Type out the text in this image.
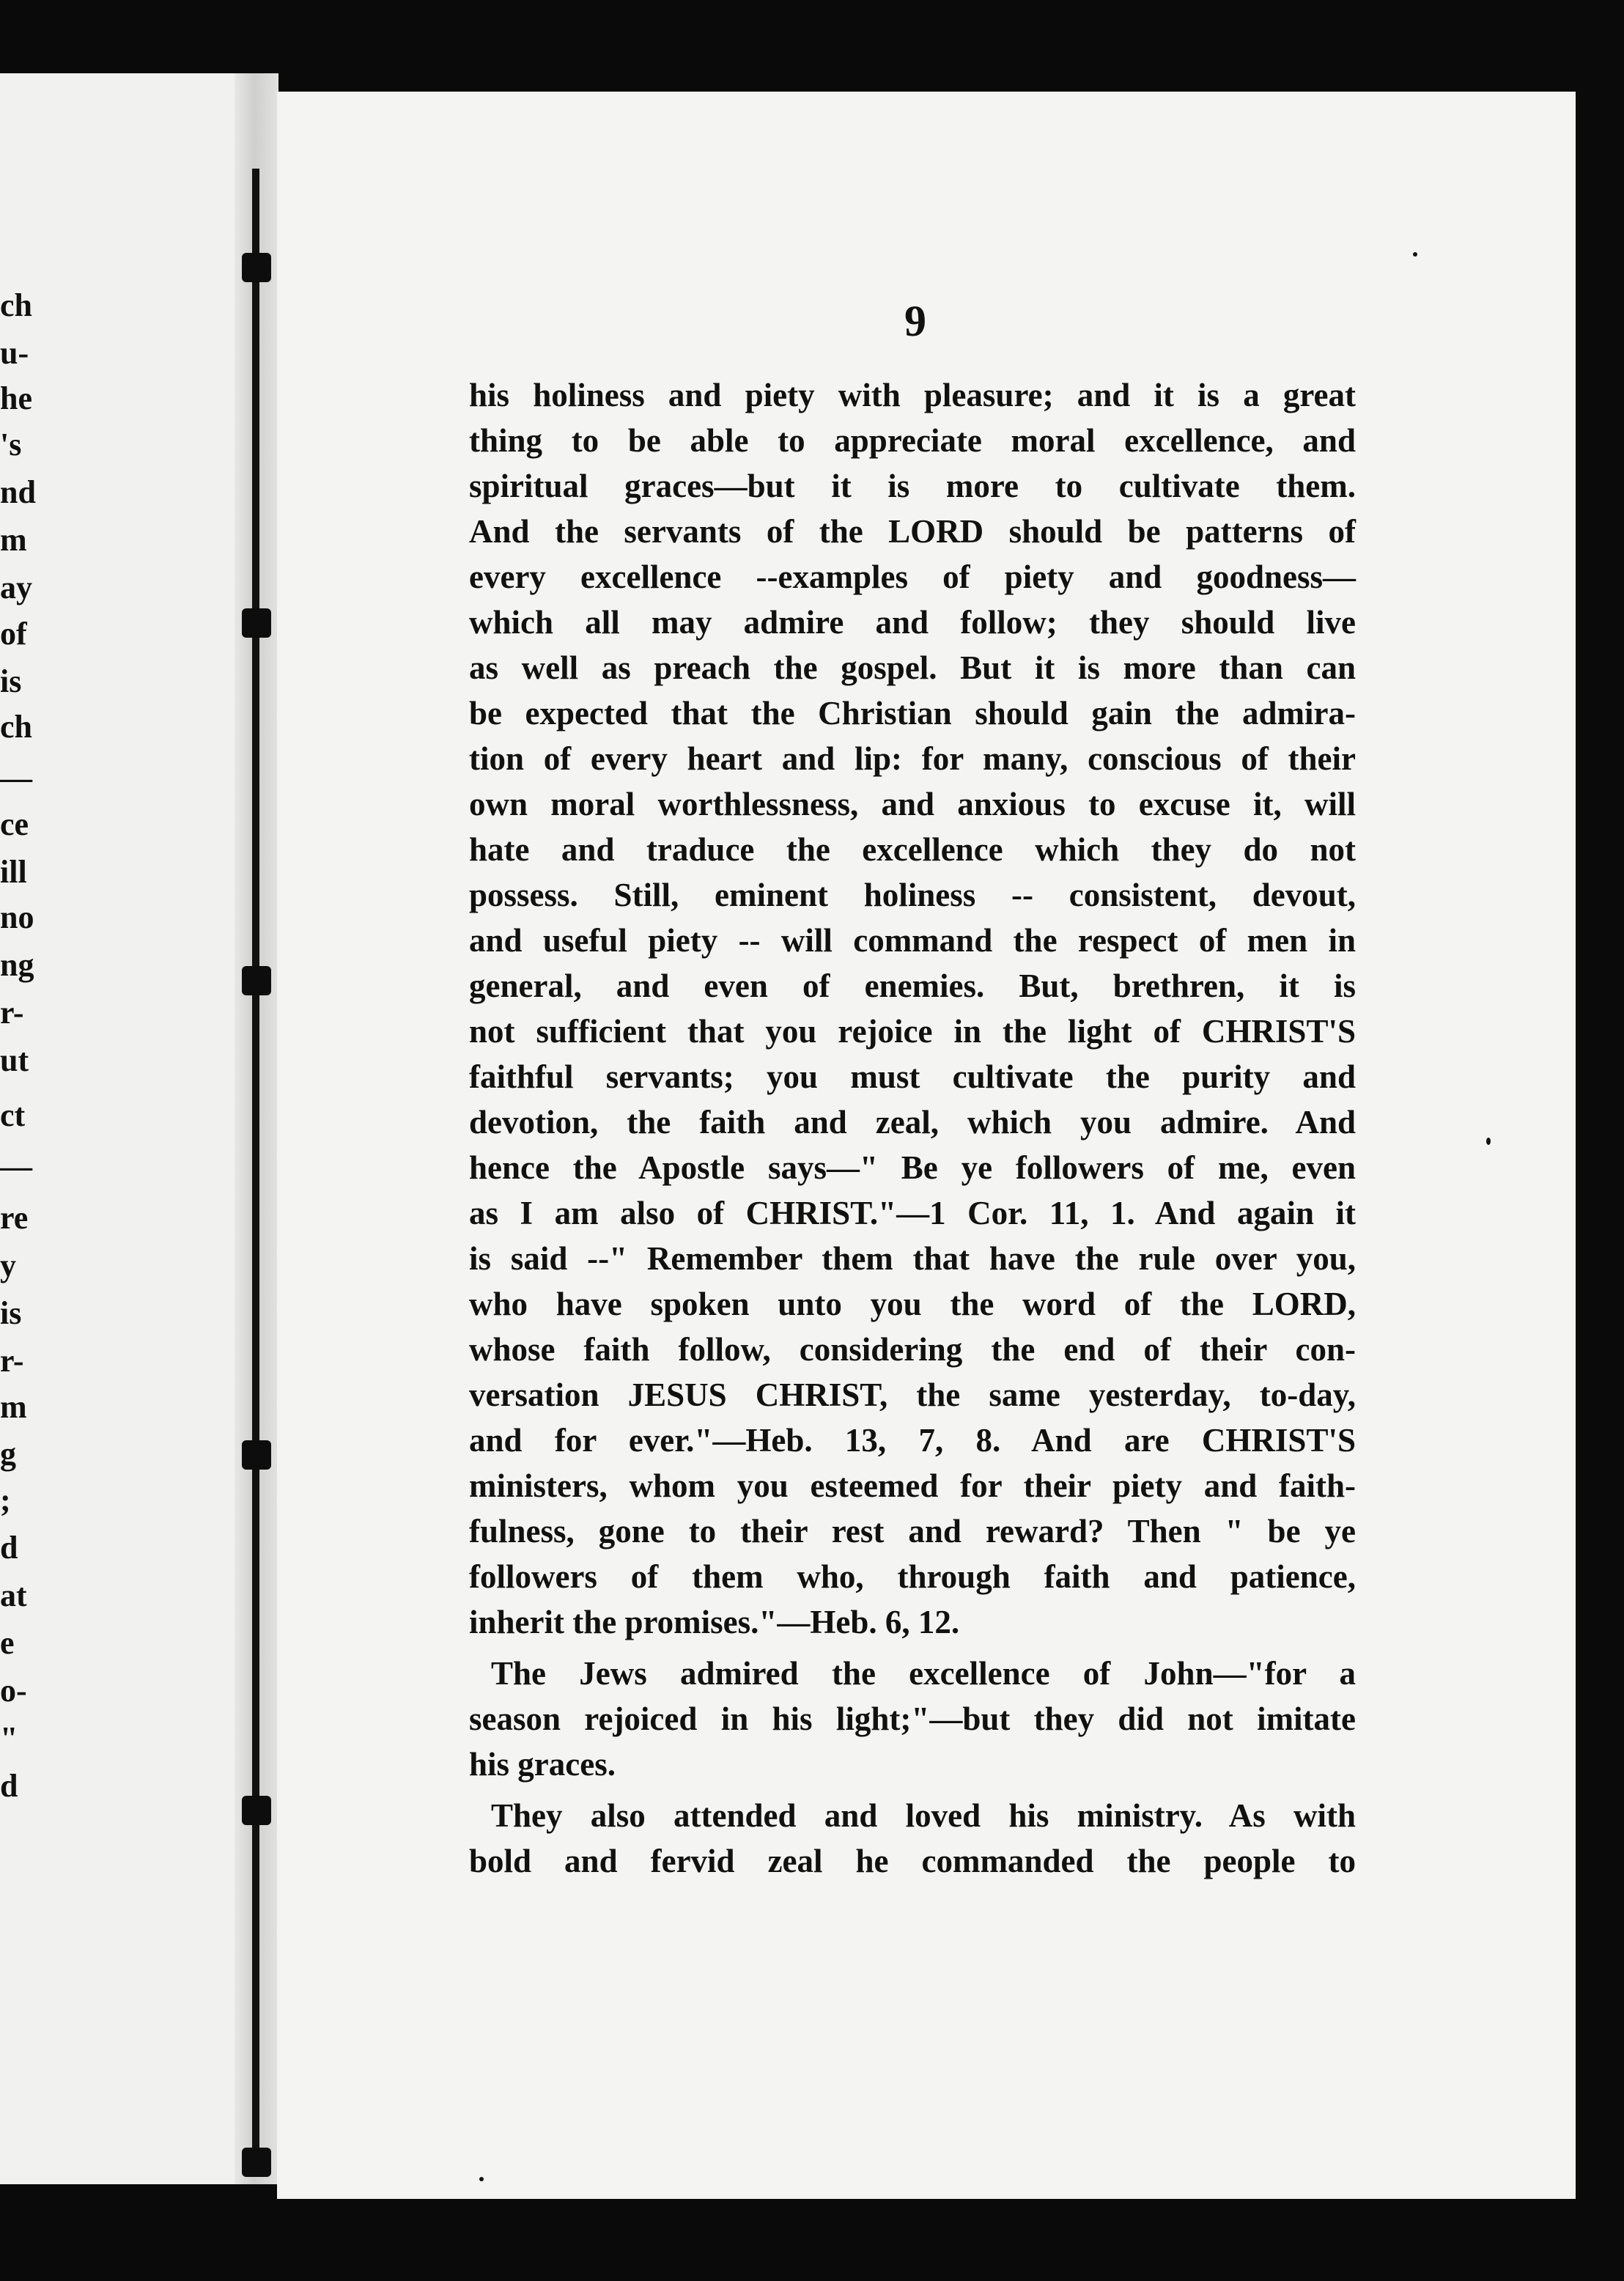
ch
u-
he
's
nd
m
ay
of
is
ch
—
ce
ill
no
ng
r-
ut
ct
—
re
y
is
r-
m
g
;
d
at
e
o-
"
d
9
his holiness and piety with pleasure; and it is a great
thing to be able to appreciate moral excellence, and
spiritual graces—but it is more to cultivate them.
And the servants of the LORD should be patterns of
every excellence --examples of piety and goodness—
which all may admire and follow; they should live
as well as preach the gospel. But it is more than can
be expected that the Christian should gain the admira-
tion of every heart and lip: for many, conscious of their
own moral worthlessness, and anxious to excuse it, will
hate and traduce the excellence which they do not
possess. Still, eminent holiness -- consistent, devout,
and useful piety -- will command the respect of men in
general, and even of enemies. But, brethren, it is
not sufficient that you rejoice in the light of CHRIST'S
faithful servants; you must cultivate the purity and
devotion, the faith and zeal, which you admire. And
hence the Apostle says—" Be ye followers of me, even
as I am also of CHRIST."—1 Cor. 11, 1. And again it
is said --" Remember them that have the rule over you,
who have spoken unto you the word of the LORD,
whose faith follow, considering the end of their con-
versation JESUS CHRIST, the same yesterday, to-day,
and for ever."—Heb. 13, 7, 8. And are CHRIST'S
ministers, whom you esteemed for their piety and faith-
fulness, gone to their rest and reward? Then " be ye
followers of them who, through faith and patience,
inherit the promises."—Heb. 6, 12.
The Jews admired the excellence of John—"for a
season rejoiced in his light;"—but they did not imitate
his graces.
They also attended and loved his ministry. As with
bold and fervid zeal he commanded the people to
